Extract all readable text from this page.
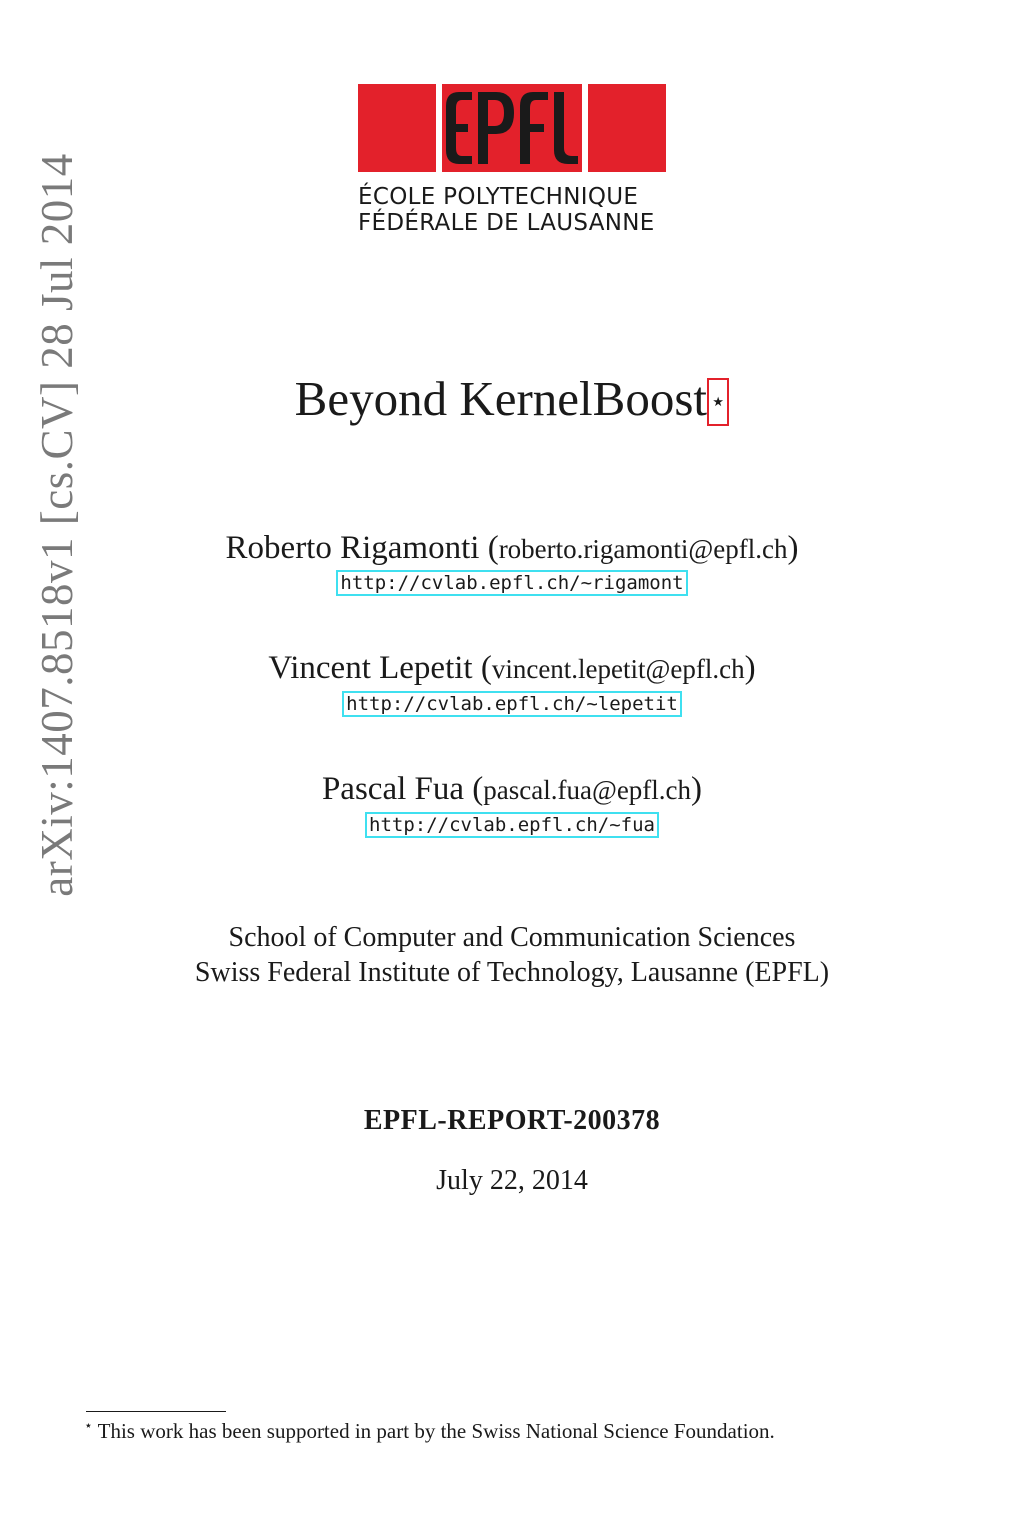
arXiv:1407.8518v1 [cs.CV] 28 Jul 2014	ÉCOLE POLYTECHNIQUE
FÉDÉRALE DE LAUSANNE
Beyond KernelBoost ⋆
Roberto Rigamonti (roberto.rigamonti@epfl.ch)
http://cvlab.epfl.ch/~rigamont
Vincent Lepetit (vincent.lepetit@epfl.ch)
http://cvlab.epfl.ch/~lepetit
Pascal Fua (pascal.fua@epfl.ch)
http://cvlab.epfl.ch/~fua
School of Computer and Communication Sciences
Swiss Federal Institute of Technology, Lausanne (EPFL)
EPFL-REPORT-200378
July 22, 2014
⋆ This work has been supported in part by the Swiss National Science Foundation.
